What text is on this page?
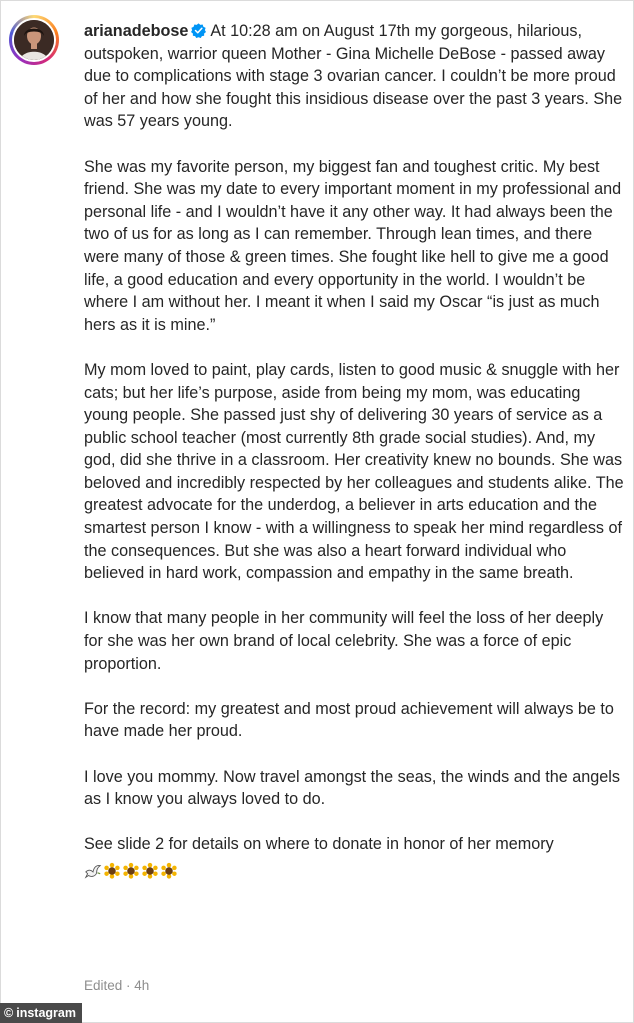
arianadebose At 10:28 am on August 17th my gorgeous, hilarious, outspoken, warrior queen Mother - Gina Michelle DeBose - passed away due to complications with stage 3 ovarian cancer. I couldn’t be more proud of her and how she fought this insidious disease over the past 3 years. She was 57 years young.

She was my favorite person, my biggest fan and toughest critic. My best friend. She was my date to every important moment in my professional and personal life - and I wouldn’t have it any other way. It had always been the two of us for as long as I can remember. Through lean times, and there were many of those & green times. She fought like hell to give me a good life, a good education and every opportunity in the world. I wouldn’t be where I am without her. I meant it when I said my Oscar “is just as much hers as it is mine.”

My mom loved to paint, play cards, listen to good music & snuggle with her cats; but her life’s purpose, aside from being my mom, was educating young people. She passed just shy of delivering 30 years of service as a public school teacher (most currently 8th grade social studies). And, my god, did she thrive in a classroom. Her creativity knew no bounds. She was beloved and incredibly respected by her colleagues and students alike. The greatest advocate for the underdog, a believer in arts education and the smartest person I know - with a willingness to speak her mind regardless of the consequences. But she was also a heart forward individual who believed in hard work, compassion and empathy in the same breath.

I know that many people in her community will feel the loss of her deeply for she was her own brand of local celebrity. She was a force of epic proportion.

For the record: my greatest and most proud achievement will always be to have made her proud.

I love you mommy. Now travel amongst the seas, the winds and the angels as I know you always loved to do.

See slide 2 for details on where to donate in honor of her memory

Edited · 4h
© instagram
